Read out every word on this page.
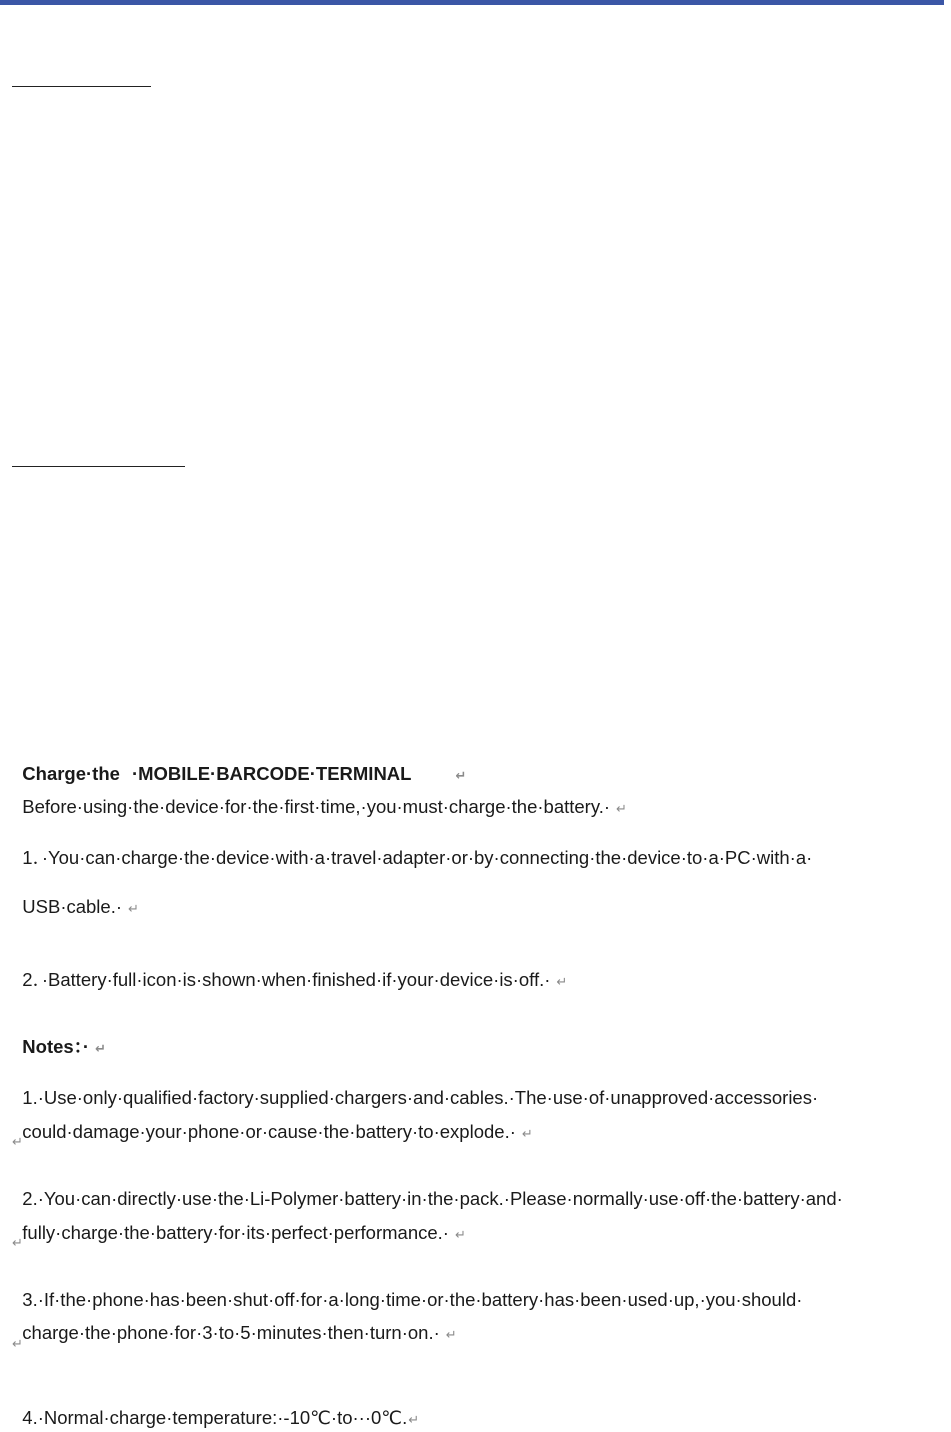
Charge·the ·MOBILE·BARCODE·TERMINAL	↵

Before·using·the·device·for·the·first·time,·you·must·charge·the·battery.· ↵

1．·You·can·charge·the·device·with·a·travel·adapter·or·by·connecting·the·device·to·a·PC·with·a·

USB·cable.· ↵

2．·Battery·full·icon·is·shown·when·finished·if·your·device·is·off.· ↵

Notes：· ↵

1.·Use·only·qualified·factory·supplied·chargers·and·cables.·The·use·of·unapproved·accessories·

could·damage·your·phone·or·cause·the·battery·to·explode.· ↵

↵

2.·You·can·directly·use·the·Li-Polymer·battery·in·the·pack.·Please·normally·use·off·the·battery·and·

fully·charge·the·battery·for·its·perfect·performance.· ↵

↵

3.·If·the·phone·has·been·shut·off·for·a·long·time·or·the·battery·has·been·used·up,·you·should·

charge·the·phone·for·3·to·5·minutes·then·turn·on.· ↵

↵

4.·Normal·charge·temperature:·-10℃·to···0℃.↵
